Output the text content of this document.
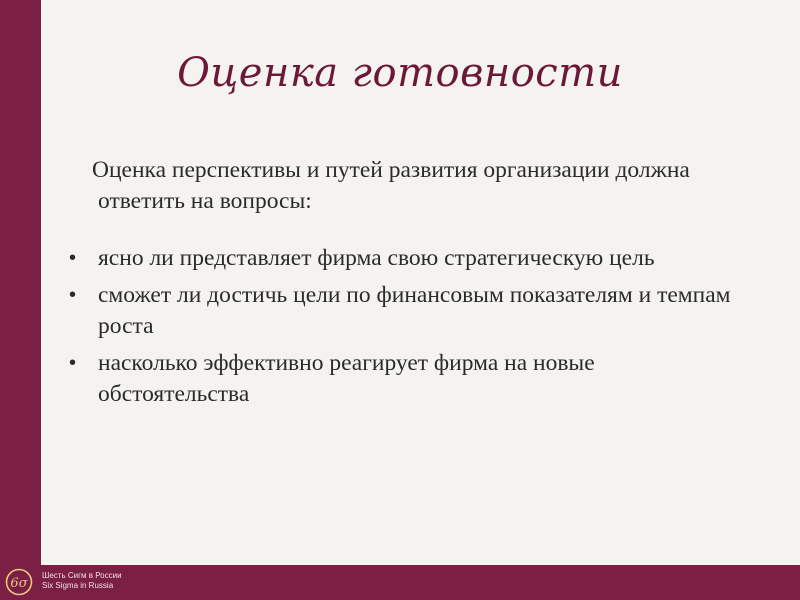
Оценка готовности

Оценка перспективы и путей развития организации должна ответить на вопросы:

• ясно ли представляет фирма свою стратегическую цель
• сможет ли достичь цели по финансовым показателям и темпам роста
• насколько эффективно реагирует фирма на новые обстоятельства
6σ
Шесть Сигм в России
Six Sigma in Russia
